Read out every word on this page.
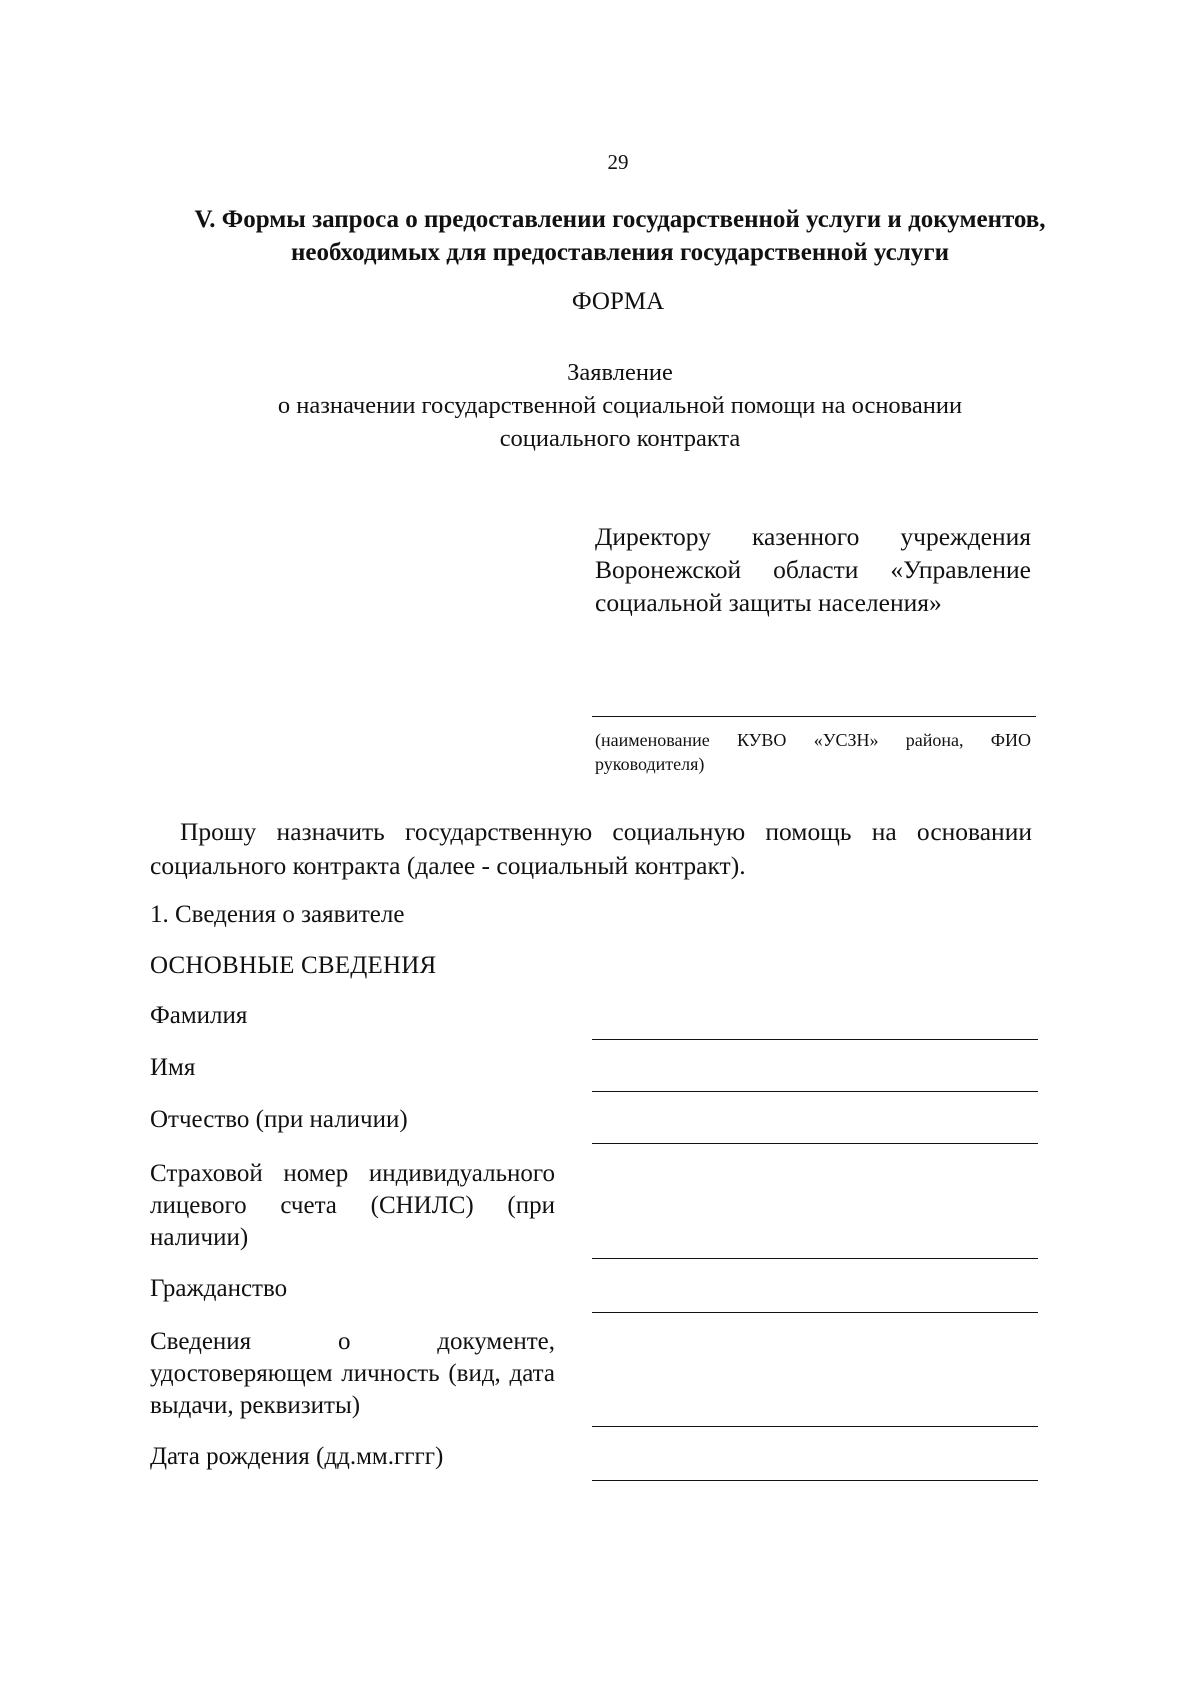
29
V. Формы запроса о предоставлении государственной услуги и документов,
необходимых для предоставления государственной услуги
ФОРМА
Заявление
о назначении государственной социальной помощи на основании
социального контракта
Директору казенного учреждения Воронежской области «Управление социальной защиты населения»
(наименование КУВО «УСЗН» района, ФИО руководителя)
Прошу назначить государственную социальную помощь на основании социального контракта (далее - социальный контракт).
1. Сведения о заявителе
ОСНОВНЫЕ СВЕДЕНИЯ
Фамилия
Имя
Отчество (при наличии)
Страховой номер индивидуального лицевого счета (СНИЛС) (при наличии)
Гражданство
Сведения о документе, удостоверяющем личность (вид, дата выдачи, реквизиты)
Дата рождения (дд.мм.гггг)
